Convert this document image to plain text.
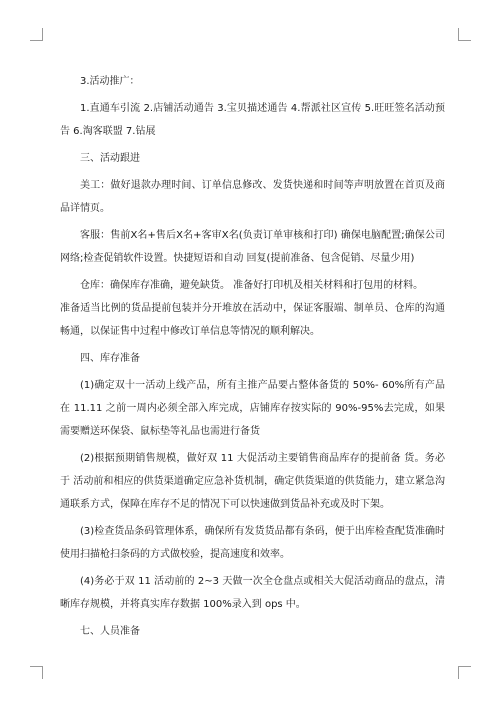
3.活动推广：

1.直通车引流 2.店铺活动通告 3.宝贝描述通告 4.帮派社区宣传 5.旺旺签名活动预告 6.淘客联盟 7.钻展

三、活动跟进

美工：做好退款办理时间、订单信息修改、发货快递和时间等声明放置在首页及商品详情页。

客服：售前X名+售后X名+客审X名(负责订单审核和打印) 确保电脑配置;确保公司网络;检查促销软件设置。快捷短语和自动 回复(提前准备、包含促销、尽量少用)

仓库：确保库存准确，避免缺货。 准备好打印机及相关材料和打包用的材料。

准备适当比例的货品提前包装并分开堆放在活动中，保证客服端、制单员、仓库的沟通畅通，以保证售中过程中修改订单信息等情况的顺利解决。

四、库存准备

(1)确定双十一活动上线产品，所有主推产品要占整体备货的 50%- 60%所有产品在 11.11 之前一周内必须全部入库完成，店铺库存按实际的 90%-95%去完成，如果需要赠送环保袋、鼠标垫等礼品也需进行备货

(2)根据预期销售规模，做好双 11 大促活动主要销售商品库存的提前备 货。务必于 活动前和相应的供货渠道确定应急补货机制，确定供货渠道的供货能力，建立紧急沟通联系方式，保障在库存不足的情况下可以快速做到货品补充或及时下架。

(3)检查货品条码管理体系，确保所有发货货品都有条码，便于出库检查配货准确时使用扫描枪扫条码的方式做校验，提高速度和效率。

(4)务必于双 11 活动前的 2~3 天做一次全仓盘点或相关大促活动商品的盘点，清晰库存规模，并将真实库存数据 100%录入到 ops 中。

七、人员准备
